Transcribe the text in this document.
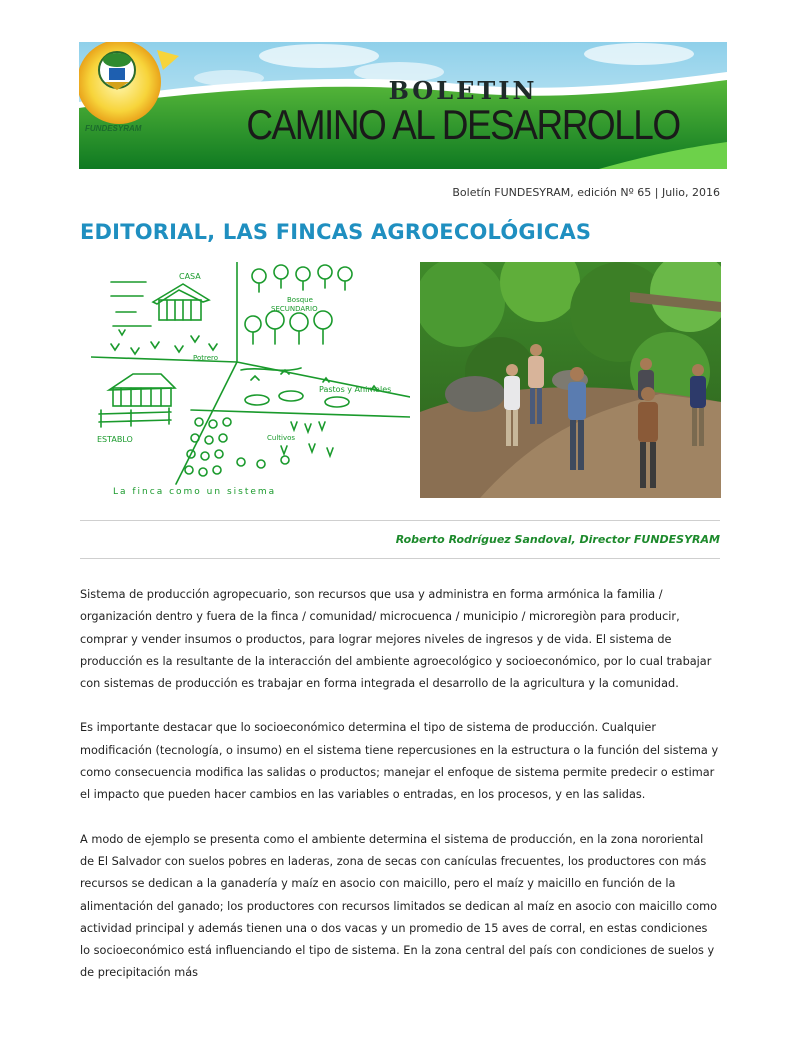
FUNDESYRAM
BOLETIN
CAMINO AL DESARROLLO
Boletín FUNDESYRAM, edición Nº 65 | Julio, 2016
EDITORIAL, LAS FINCAS AGROECOLÓGICAS
CASA
Bosque
SECUNDARIO
Potrero
Pastos y Animales
Cultivos
ESTABLO
La finca como un sistema
Roberto Rodríguez Sandoval, Director FUNDESYRAM

Sistema de producción agropecuario, son recursos que usa y administra en forma armónica la familia / organización dentro y fuera de la finca / comunidad/ microcuenca / municipio / microregiòn para producir, comprar y vender insumos o productos, para lograr mejores niveles de ingresos y de vida. El sistema de producción es la resultante de la interacción del ambiente agroecológico y socioeconómico, por lo cual trabajar con sistemas de producción es trabajar en forma integrada el desarrollo de la agricultura y la comunidad.

Es importante destacar que lo socioeconómico determina el tipo de sistema de producción. Cualquier modificación (tecnología, o insumo) en el sistema tiene repercusiones en la estructura o la función del sistema y como consecuencia modifica las salidas o productos; manejar el enfoque de sistema permite predecir o estimar el impacto que pueden hacer cambios en las variables o entradas, en los procesos, y en las salidas.

A modo de ejemplo se presenta como el ambiente determina el sistema de producción, en la zona nororiental de El Salvador con suelos pobres en laderas, zona de secas con canículas frecuentes, los productores con más recursos se dedican a la ganadería y maíz en asocio con maicillo, pero el maíz y maicillo en función de la alimentación del ganado; los productores con recursos limitados se dedican al maíz en asocio con maicillo como actividad principal y además tienen una o dos vacas y un promedio de 15 aves de corral, en estas condiciones lo socioeconómico está influenciando el tipo de sistema. En la zona central del país con condiciones de suelos y de precipitación más
